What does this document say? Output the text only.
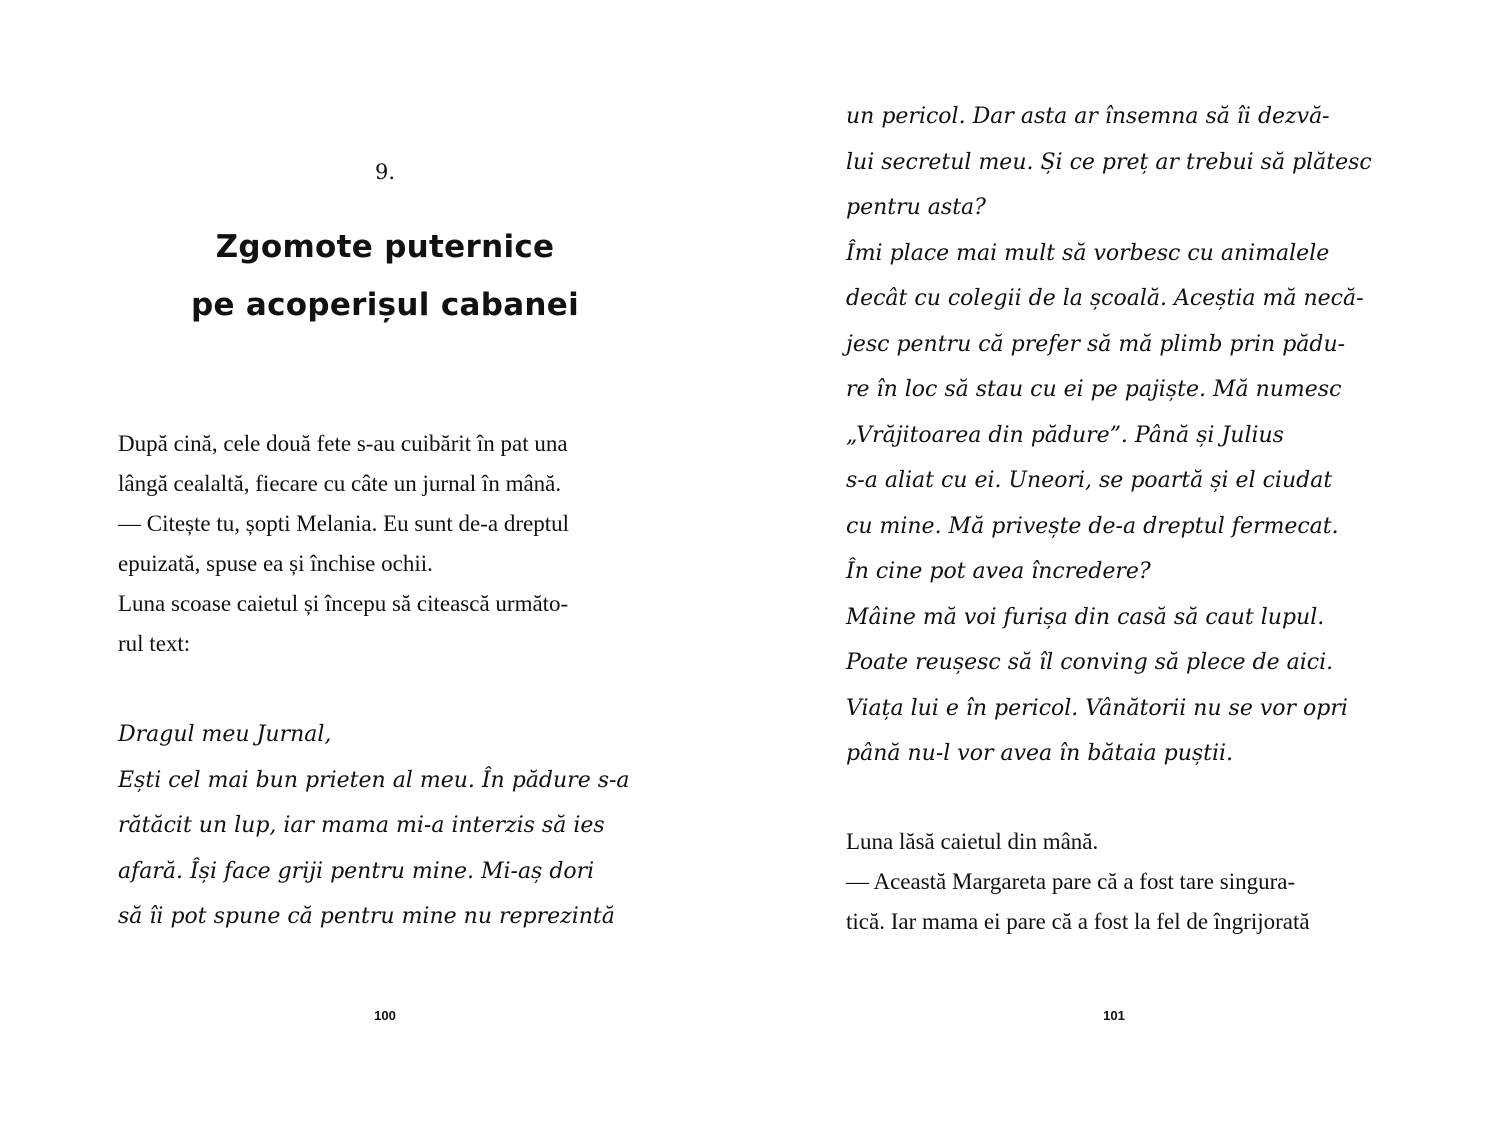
9.
Zgomote puternice
pe acoperișul cabanei
După cină, cele două fete s-au cuibărit în pat una
lângă cealaltă, fiecare cu câte un jurnal în mână.
— Citește tu, șopti Melania. Eu sunt de-a dreptul
epuizată, spuse ea și închise ochii.
Luna scoase caietul și începu să citească următo-
rul text:
Dragul meu Jurnal,
Ești cel mai bun prieten al meu. În pădure s-a
rătăcit un lup, iar mama mi-a interzis să ies
afară. Își face griji pentru mine. Mi-aș dori
să îi pot spune că pentru mine nu reprezintă
100
un pericol. Dar asta ar însemna să îi dezvă-
lui secretul meu. Și ce preț ar trebui să plătesc
pentru asta?
Îmi place mai mult să vorbesc cu animalele
decât cu colegii de la școală. Aceștia mă necă-
jesc pentru că prefer să mă plimb prin pădu-
re în loc să stau cu ei pe pajiște. Mă numesc
„Vrăjitoarea din pădure”. Până și Julius
s-a aliat cu ei. Uneori, se poartă și el ciudat
cu mine. Mă privește de-a dreptul fermecat.
În cine pot avea încredere?
Mâine mă voi furișa din casă să caut lupul.
Poate reușesc să îl conving să plece de aici.
Viața lui e în pericol. Vânătorii nu se vor opri
până nu-l vor avea în bătaia puștii.
Luna lăsă caietul din mână.
— Această Margareta pare că a fost tare singura-
tică. Iar mama ei pare că a fost la fel de îngrijorată
101
